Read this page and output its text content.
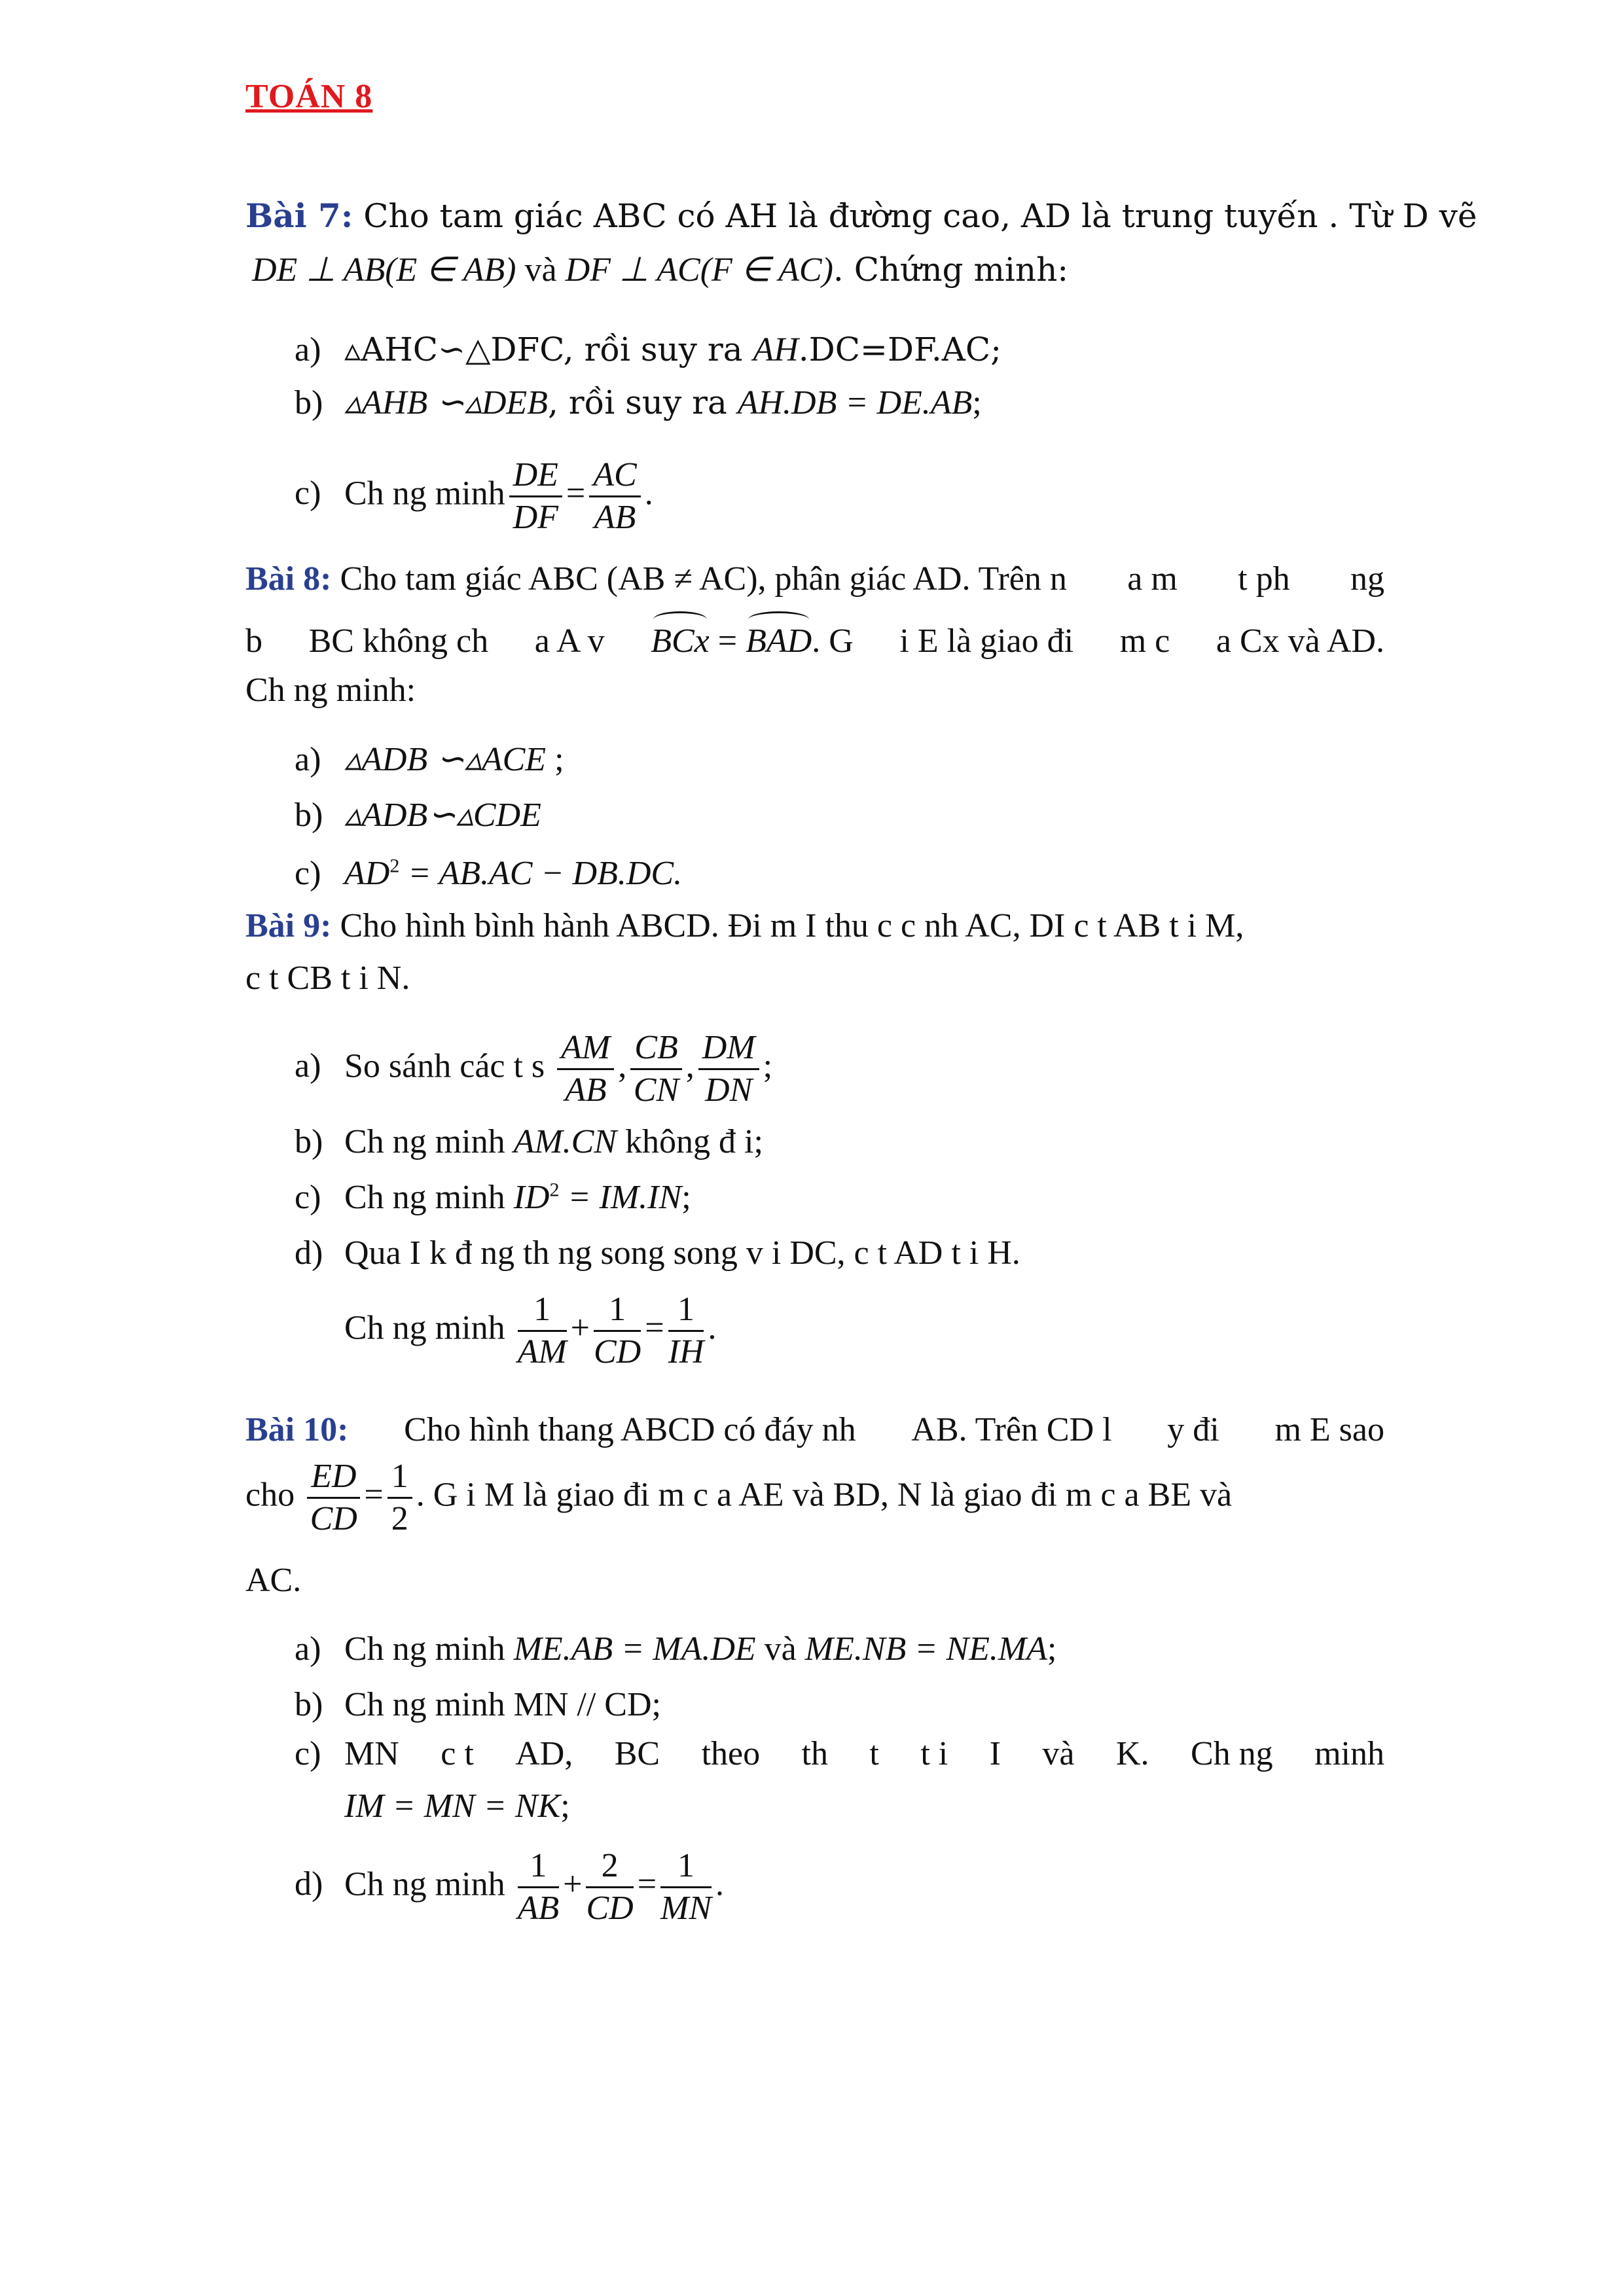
TOÁN 8
Bài 7: Cho tam giác ABC có AH là đường cao, AD là trung tuyến . Từ D vẽ
DE ⊥ AB(E ∈ AB) và DF ⊥ AC(F ∈ AC). Chứng minh:
a) ▵AHC∽△DFC, rồi suy ra AH.DC=DF.AC;
b) ▵AHB ∽▵DEB, rồi suy ra AH.DB = DE.AB;
c) Ch ng minh $\frac{DE}{DF} = \frac{AC}{AB}$ .
Bài 8: Cho tam giác ABC (AB ≠ AC), phân giác AD. Trên n a m t ph ng
b BC không ch a A v BCx = BAD. G i E là giao đi m c a Cx và AD.
Ch ng minh:
a) ▵ADB ∽▵ACE ;
b) ▵ADB∽▵CDE
c) $AD^2 = AB.AC - DB.DC$.
Bài 9: Cho hình bình hành ABCD. Đi m I thu c c nh AC, DI c t AB t i M,
c t CB t i N.
a) So sánh các t s $\frac{AM}{AB}$ , $\frac{CB}{CN}$ , $\frac{DM}{DN}$ ;
b) Ch ng minh AM.CN không đ i;
c) Ch ng minh $ID^2 = IM.IN$;
d) Qua I k đ ng th ng song song v i DC, c t AD t i H.
Ch ng minh $\frac{1}{AM} + \frac{1}{CD} = \frac{1}{IH}$ .
Bài 10: Cho hình thang ABCD có đáy nh AB. Trên CD l y đi m E sao
cho $\frac{ED}{CD} = \frac{1}{2}$ . G i M là giao đi m c a AE và BD, N là giao đi m c a BE và
AC.
a) Ch ng minh ME.AB = MA.DE và ME.NB = NE.MA;
b) Ch ng minh MN // CD;
c) MN c t AD, BC theo th t t i I và K. Ch ng minh
IM = MN = NK;
d) Ch ng minh $\frac{1}{AB} + \frac{2}{CD} = \frac{1}{MN}$ .
